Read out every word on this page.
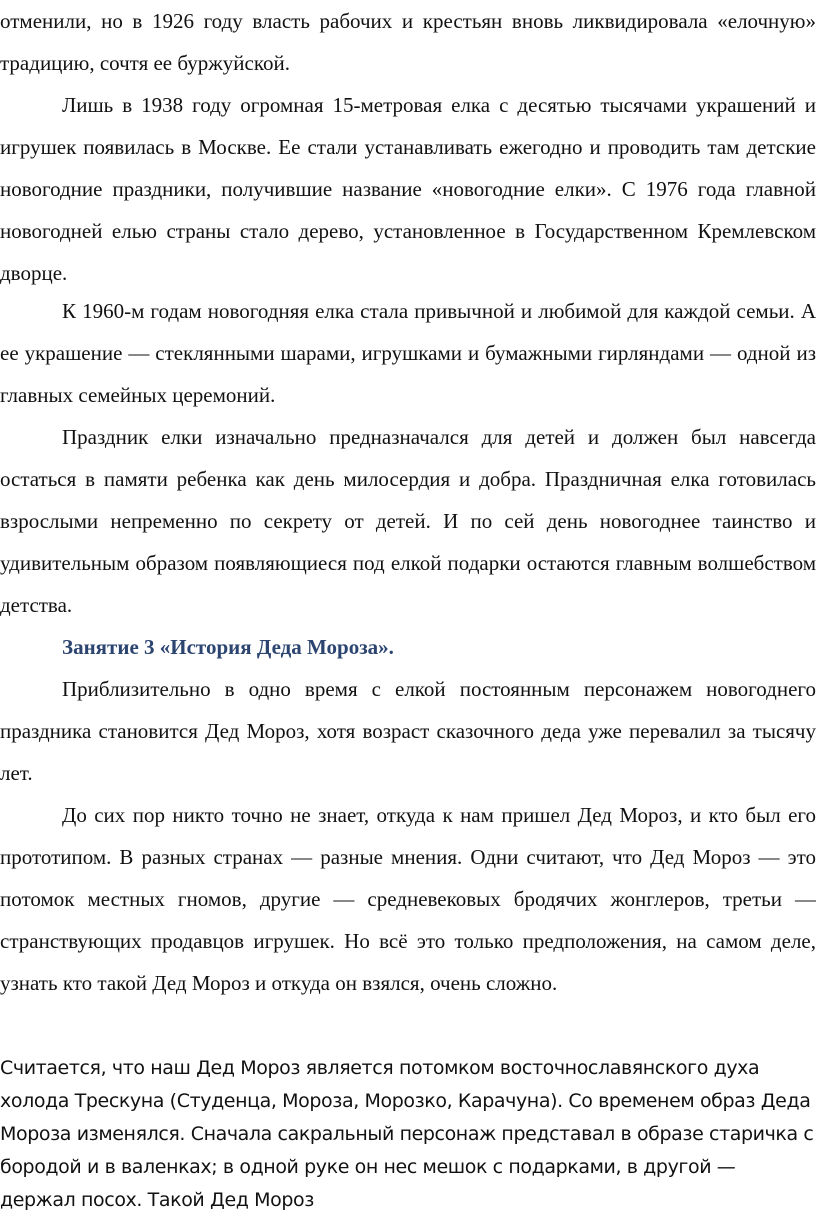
отменили, но в 1926 году власть рабочих и крестьян вновь ликвидировала «елочную» традицию, сочтя ее буржуйской.

Лишь в 1938 году огромная 15-метровая елка с десятью тысячами украшений и игрушек появилась в Москве. Ее стали устанавливать ежегодно и проводить там детские новогодние праздники, получившие название «новогодние елки». С 1976 года главной новогодней елью страны стало дерево, установленное в Государственном Кремлевском дворце.

К 1960-м годам новогодняя елка стала привычной и любимой для каждой семьи. А ее украшение — стеклянными шарами, игрушками и бумажными гирляндами — одной из главных семейных церемоний.

Праздник елки изначально предназначался для детей и должен был навсегда остаться в памяти ребенка как день милосердия и добра. Праздничная елка готовилась взрослыми непременно по секрету от детей. И по сей день новогоднее таинство и удивительным образом появляющиеся под елкой подарки остаются главным волшебством детства.

Занятие 3 «История Деда Мороза».

Приблизительно в одно время с елкой постоянным персонажем новогоднего праздника становится Дед Мороз, хотя возраст сказочного деда уже перевалил за тысячу лет.

До сих пор никто точно не знает, откуда к нам пришел Дед Мороз, и кто был его прототипом. В разных странах — разные мнения. Одни считают, что Дед Мороз — это потомок местных гномов, другие — средневековых бродячих жонглеров, третьи — странствующих продавцов игрушек. Но всё это только предположения, на самом деле, узнать кто такой Дед Мороз и откуда он взялся, очень сложно.

Считается, что наш Дед Мороз является потомком восточнославянского духа холода Трескуна (Студенца, Мороза, Морозко, Карачуна). Со временем образ Деда Мороза изменялся. Сначала сакральный персонаж представал в образе старичка с бородой и в валенках; в одной руке он нес мешок с подарками, в другой — держал посох. Такой Дед Мороз
